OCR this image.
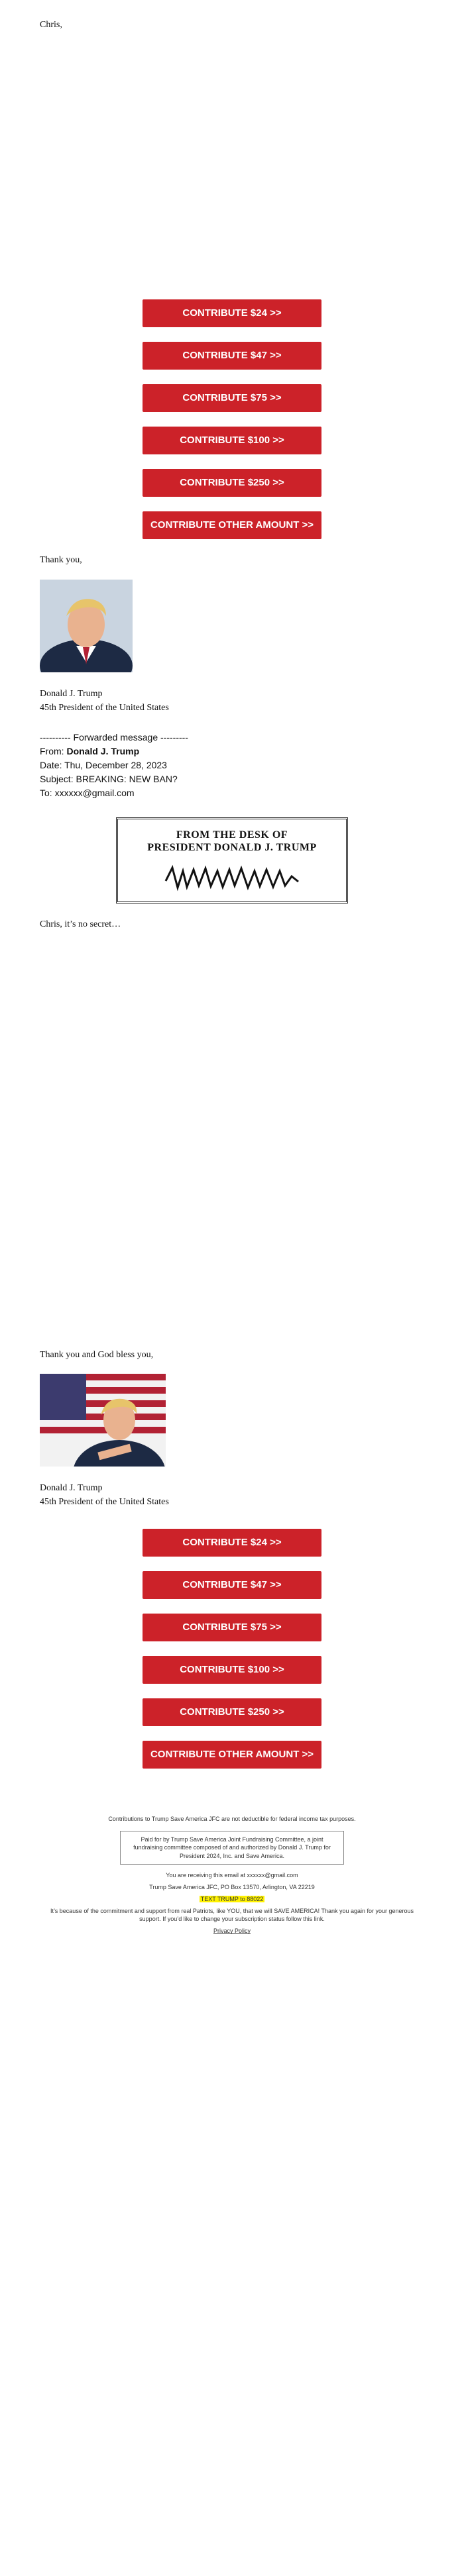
Chris,

CONTRIBUTE $24 >>
CONTRIBUTE $47 >>
CONTRIBUTE $75 >>
CONTRIBUTE $100 >>
CONTRIBUTE $250 >>
CONTRIBUTE OTHER AMOUNT >>

Thank you,

Donald J. Trump
45th President of the United States
---------- Forwarded message ---------
From: Donald J. Trump
Date: Thu, December 28, 2023
Subject: BREAKING: NEW BAN?
To: xxxxxx@gmail.com
FROM THE DESK OF
PRESIDENT DONALD J. TRUMP

Chris, it’s no secret…

Thank you and God bless you,

Donald J. Trump
45th President of the United States
CONTRIBUTE $24 >>
CONTRIBUTE $47 >>
CONTRIBUTE $75 >>
CONTRIBUTE $100 >>
CONTRIBUTE $250 >>
CONTRIBUTE OTHER AMOUNT >>
Contributions to Trump Save America JFC are not deductible for federal income tax purposes.
Paid for by Trump Save America Joint Fundraising Committee, a joint fundraising committee composed of and authorized by Donald J. Trump for President 2024, Inc. and Save America.
You are receiving this email at xxxxxx@gmail.com
Trump Save America JFC, PO Box 13570, Arlington, VA 22219
TEXT TRUMP to 88022
It’s because of the commitment and support from real Patriots, like YOU, that we will SAVE AMERICA! Thank you again for your generous support. If you’d like to change your subscription status follow this link.
Privacy Policy
